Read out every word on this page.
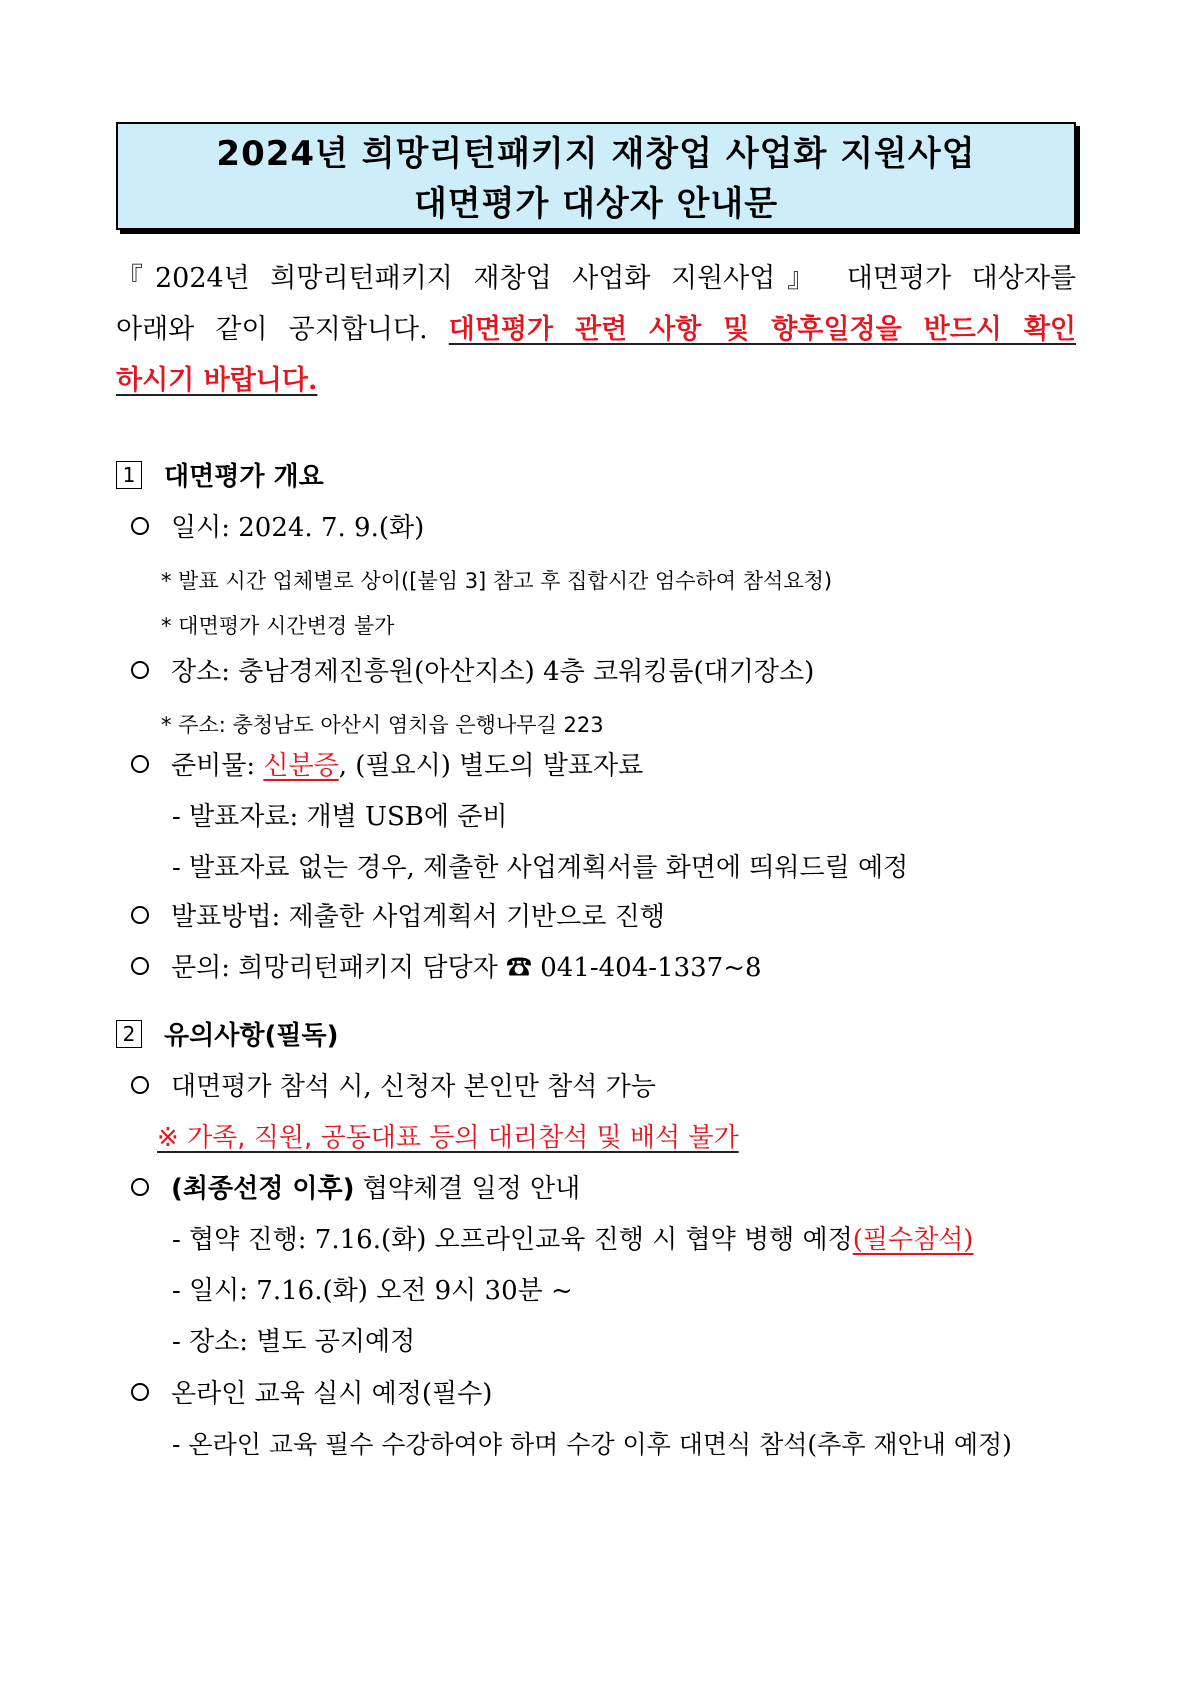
2024년 희망리턴패키지 재창업 사업화 지원사업
대면평가 대상자 안내문
『2024년 희망리턴패키지 재창업 사업화 지원사업』 대면평가 대상자를
아래와 같이 공지합니다. 대면평가 관련 사항 및 향후일정을 반드시 확인
하시기 바랍니다.
1 대면평가 개요
일시: 2024. 7. 9.(화)
* 발표 시간 업체별로 상이([붙임 3] 참고 후 집합시간 엄수하여 참석요청)
* 대면평가 시간변경 불가
장소: 충남경제진흥원(아산지소) 4층 코워킹룸(대기장소)
* 주소: 충청남도 아산시 염치읍 은행나무길 223
준비물: 신분증, (필요시) 별도의 발표자료
- 발표자료: 개별 USB에 준비
- 발표자료 없는 경우, 제출한 사업계획서를 화면에 띄워드릴 예정
발표방법: 제출한 사업계획서 기반으로 진행
문의: 희망리턴패키지 담당자 ☎ 041-404-1337~8
2 유의사항(필독)
대면평가 참석 시, 신청자 본인만 참석 가능
※ 가족, 직원, 공동대표 등의 대리참석 및 배석 불가
(최종선정 이후) 협약체결 일정 안내
- 협약 진행: 7.16.(화) 오프라인교육 진행 시 협약 병행 예정(필수참석)
- 일시: 7.16.(화) 오전 9시 30분 ~
- 장소: 별도 공지예정
온라인 교육 실시 예정(필수)
- 온라인 교육 필수 수강하여야 하며 수강 이후 대면식 참석(추후 재안내 예정)
